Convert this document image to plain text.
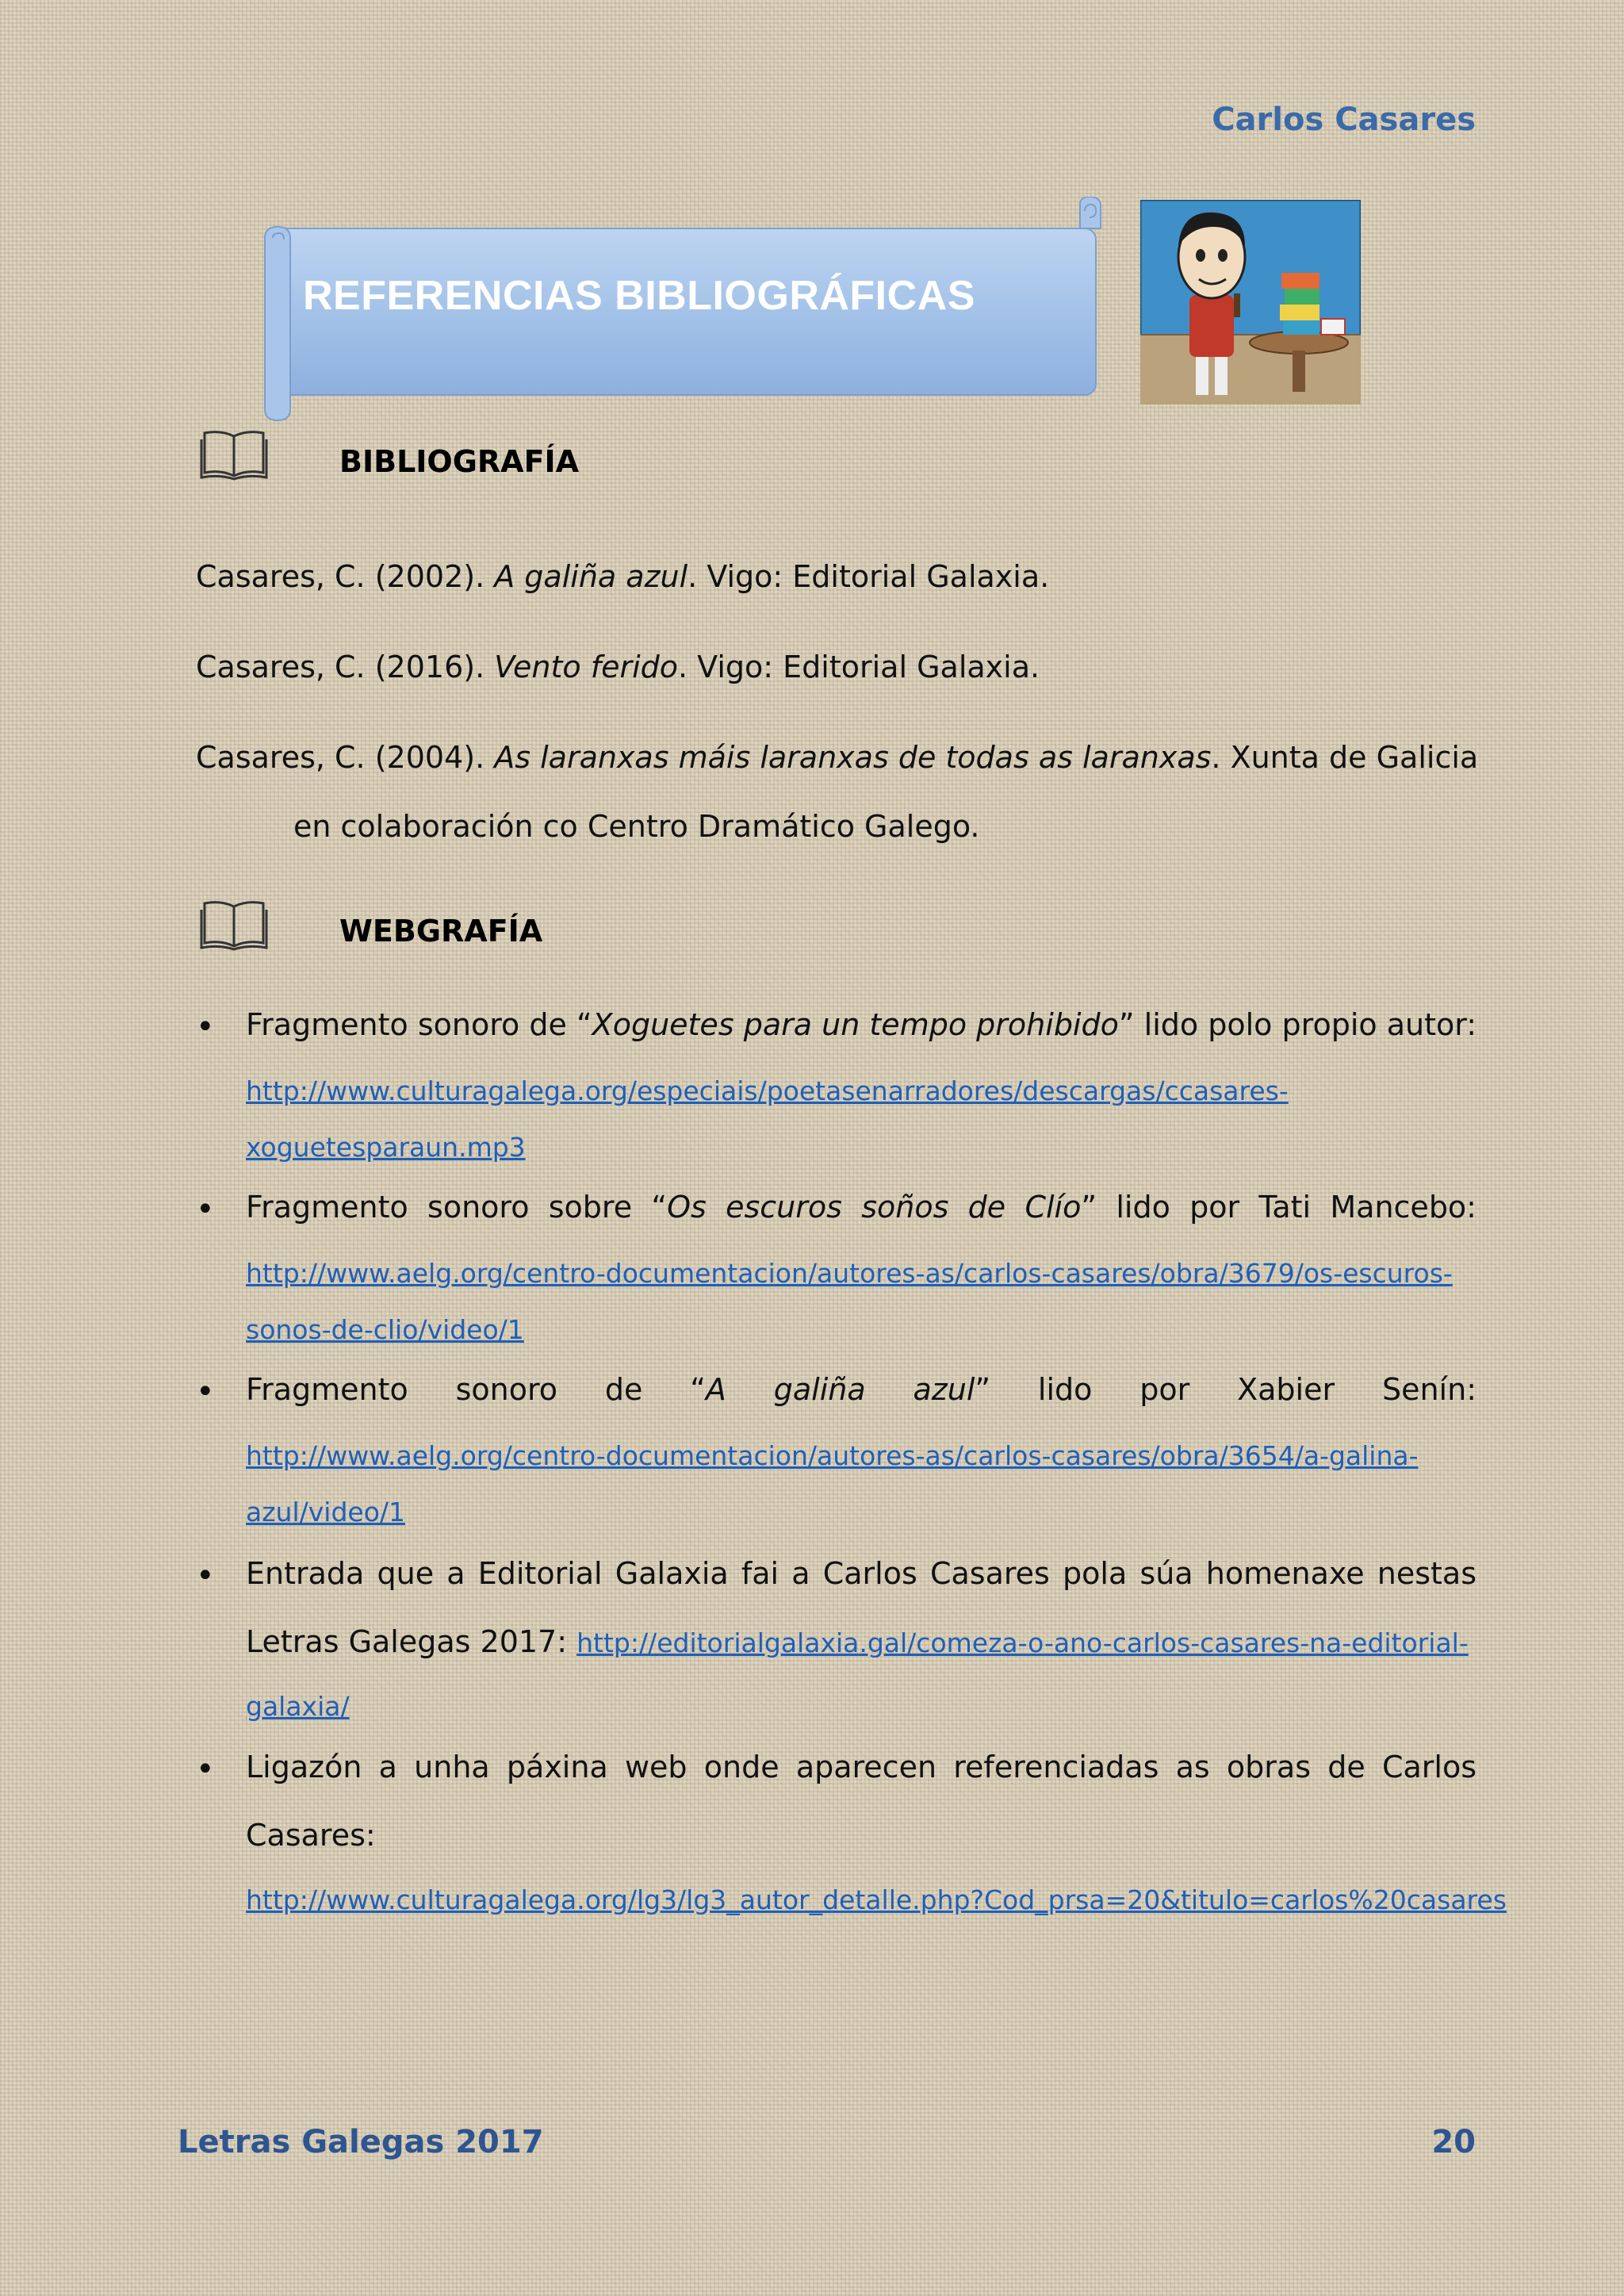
Carlos Casares
REFERENCIAS BIBLIOGRÁFICAS
BIBLIOGRAFÍA
Casares, C. (2002). A galiña azul. Vigo: Editorial Galaxia.
Casares, C. (2016). Vento ferido. Vigo: Editorial Galaxia.
Casares, C. (2004). As laranxas máis laranxas de todas as laranxas. Xunta de Galicia
en colaboración co Centro Dramático Galego.
WEBGRAFÍA
• Fragmento sonoro de “Xoguetes para un tempo prohibido” lido polo propio autor:
http://www.culturagalega.org/especiais/poetasenarradores/descargas/ccasares-
xoguetesparaun.mp3
• Fragmento sonoro sobre “Os escuros soños de Clío” lido por Tati Mancebo:
http://www.aelg.org/centro-documentacion/autores-as/carlos-casares/obra/3679/os-escuros-
sonos-de-clio/video/1
• Fragmento sonoro de “A galiña azul” lido por Xabier Senín:
http://www.aelg.org/centro-documentacion/autores-as/carlos-casares/obra/3654/a-galina-
azul/video/1
• Entrada que a Editorial Galaxia fai a Carlos Casares pola súa homenaxe nestas
Letras Galegas 2017: http://editorialgalaxia.gal/comeza-o-ano-carlos-casares-na-editorial-
galaxia/
• Ligazón a unha páxina web onde aparecen referenciadas as obras de Carlos
Casares:
http://www.culturagalega.org/lg3/lg3_autor_detalle.php?Cod_prsa=20&titulo=carlos%20casares
Letras Galegas 2017	20
